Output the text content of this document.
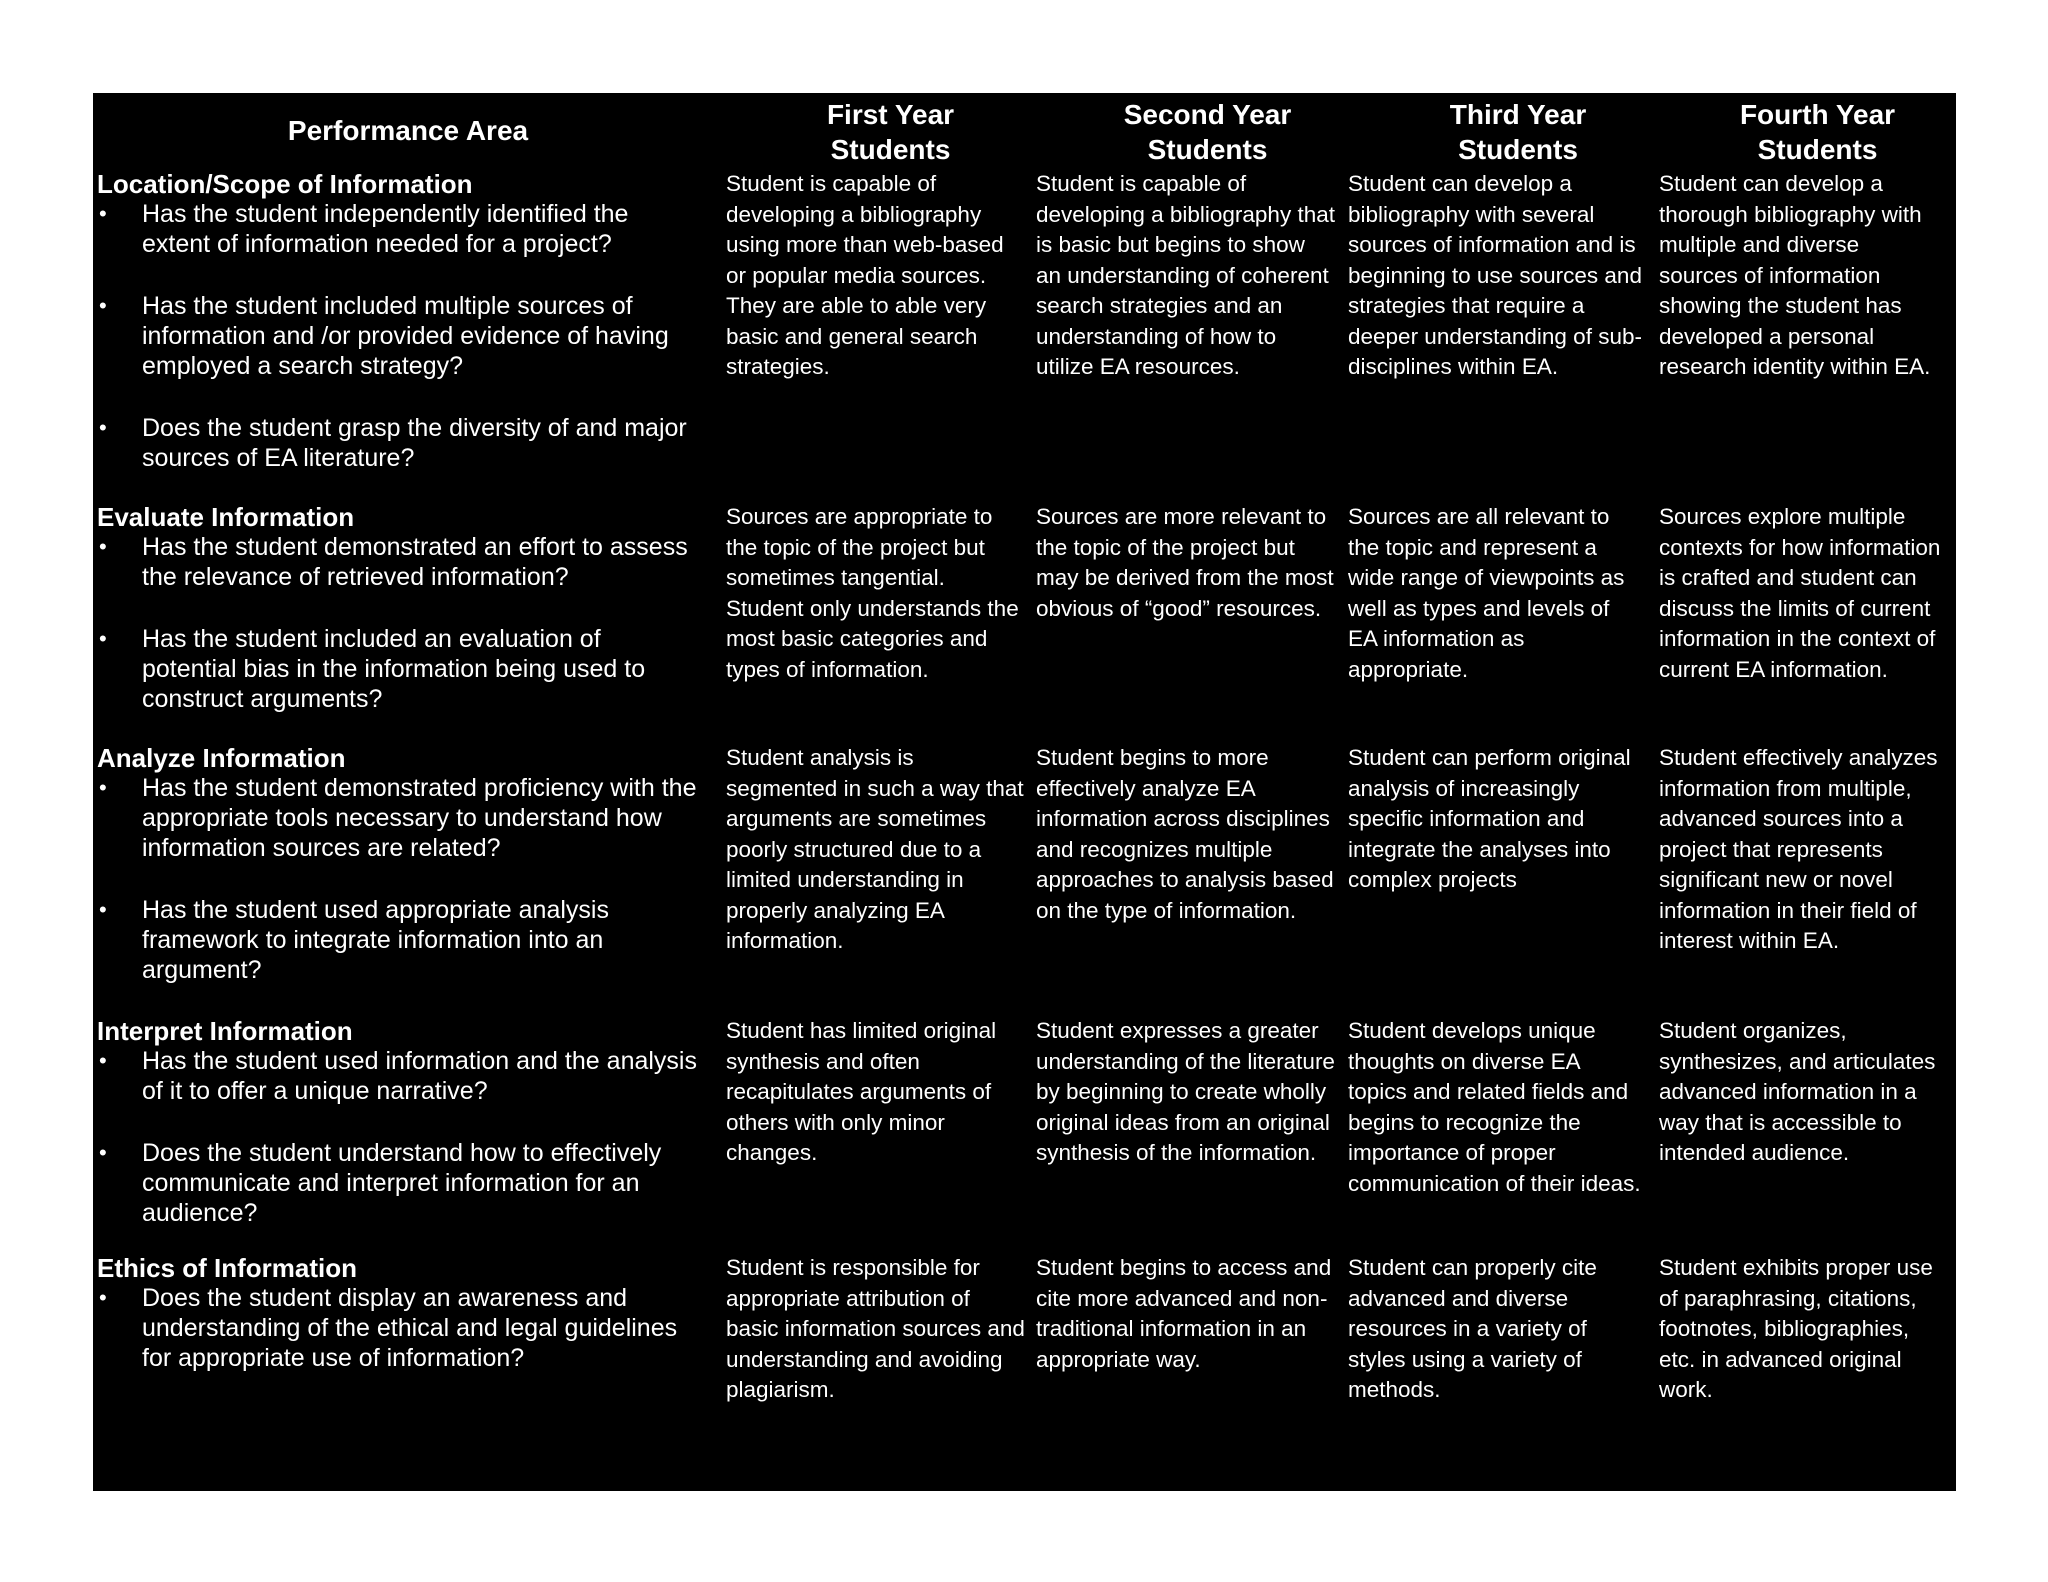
Performance Area
First Year
Students
Second Year
Students
Third Year
Students
Fourth Year
Students

Location/Scope of Information

• Has the student independently identified the extent of information needed for a project?
• Has the student included multiple sources of information and /or provided evidence of having employed a search strategy?
• Does the student grasp the diversity of and major sources of EA literature?
Student is capable of developing a bibliography using more than web-based or popular media sources. They are able to able very basic and general search strategies.
Student is capable of developing a bibliography that is basic but begins to show an understanding of coherent search strategies and an understanding of how to utilize EA resources.
Student can develop a bibliography with several sources of information and is beginning to use sources and strategies that require a deeper understanding of sub-disciplines within EA.
Student can develop a thorough bibliography with multiple and diverse sources of information showing the student has developed a personal research identity within EA.

Evaluate Information

• Has the student demonstrated an effort to assess the relevance of retrieved information?
• Has the student included an evaluation of potential bias in the information being used to construct arguments?
Sources are appropriate to the topic of the project but sometimes tangential. Student only understands the most basic categories and types of information.
Sources are more relevant to the topic of the project but may be derived from the most obvious of “good” resources.
Sources are all relevant to the topic and represent a wide range of viewpoints as well as types and levels of EA information as appropriate.
Sources explore multiple contexts for how information is crafted and student can discuss the limits of current information in the context of current EA information.

Analyze Information

• Has the student demonstrated proficiency with the appropriate tools necessary to understand how information sources are related?
• Has the student used appropriate analysis framework to integrate information into an argument?
Student analysis is segmented in such a way that arguments are sometimes poorly structured due to a limited understanding in properly analyzing EA information.
Student begins to more effectively analyze EA information across disciplines and recognizes multiple approaches to analysis based on the type of information.
Student can perform original analysis of increasingly specific information and integrate the analyses into complex projects
Student effectively analyzes information from multiple, advanced sources into a project that represents significant new or novel information in their field of interest within EA.

Interpret Information

• Has the student used information and the analysis of it to offer a unique narrative?
• Does the student understand how to effectively communicate and interpret information for an audience?
Student has limited original synthesis and often recapitulates arguments of others with only minor changes.
Student expresses a greater understanding of the literature by beginning to create wholly original ideas from an original synthesis of the information.
Student develops unique thoughts on diverse EA topics and related fields and begins to recognize the importance of proper communication of their ideas.
Student organizes, synthesizes, and articulates advanced information in a way that is accessible to intended audience.

Ethics of Information

• Does the student display an awareness and understanding of the ethical and legal guidelines for appropriate use of information?
Student is responsible for appropriate attribution of basic information sources and understanding and avoiding plagiarism.
Student begins to access and cite more advanced and non-traditional information in an appropriate way.
Student can properly cite advanced and diverse resources in a variety of styles using a variety of methods.
Student exhibits proper use of paraphrasing, citations, footnotes, bibliographies, etc. in advanced original work.
